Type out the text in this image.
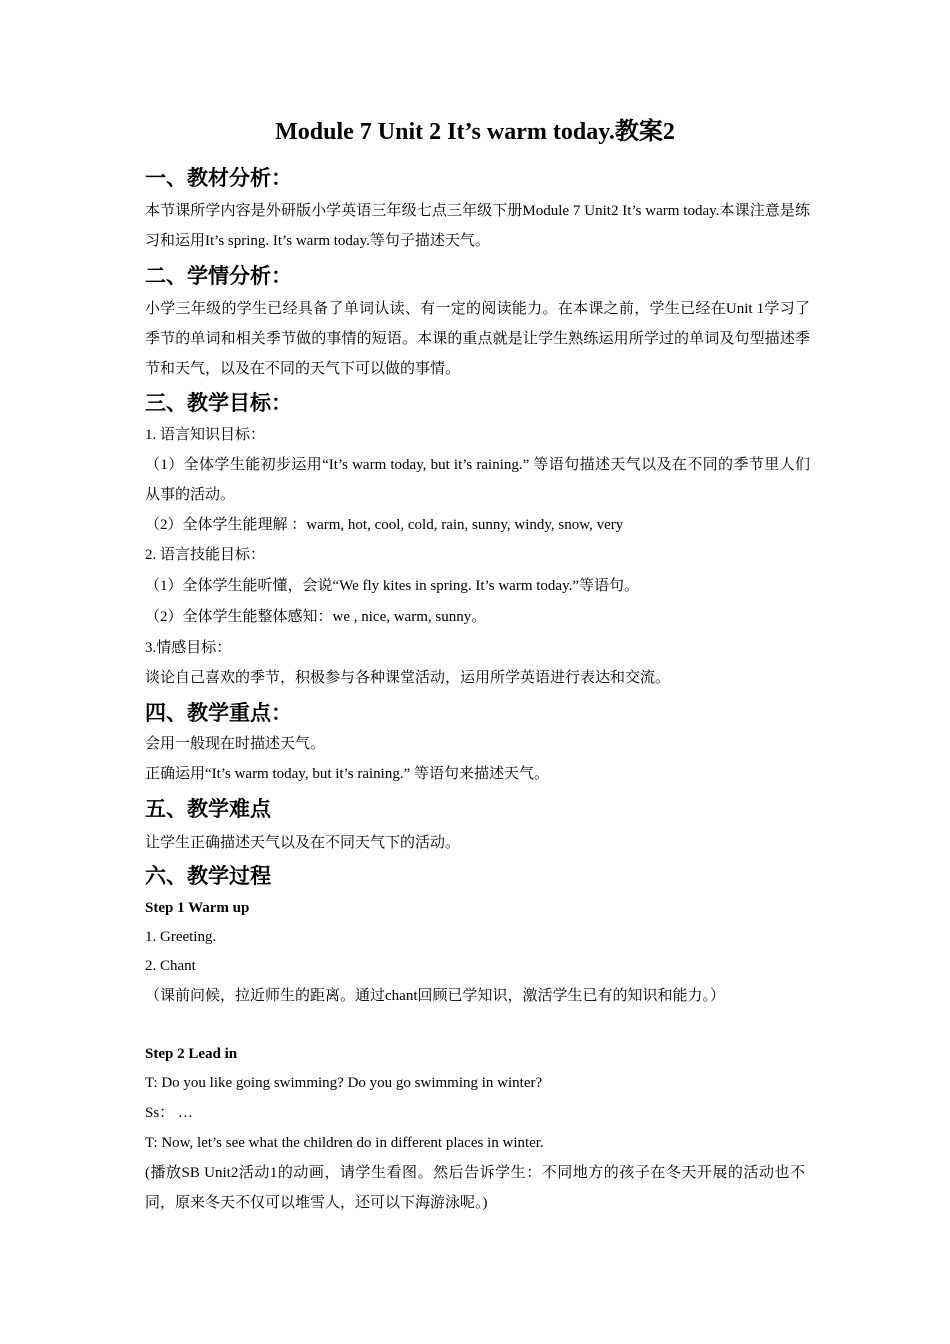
Module 7 Unit 2 It’s warm today.教案2
一、教材分析：
本节课所学内容是外研版小学英语三年级七点三年级下册Module 7 Unit2 It’s warm today.本课注意是练习和运用It’s spring. It’s warm today.等句子描述天气。
二、学情分析：
小学三年级的学生已经具备了单词认读、有一定的阅读能力。在本课之前，学生已经在Unit 1学习了季节的单词和相关季节做的事情的短语。本课的重点就是让学生熟练运用所学过的单词及句型描述季节和天气，以及在不同的天气下可以做的事情。
三、教学目标：
1. 语言知识目标：
（1）全体学生能初步运用“It’s warm today, but it’s raining.” 等语句描述天气以及在不同的季节里人们从事的活动。
（2）全体学生能理解 ：warm, hot, cool, cold, rain, sunny, windy, snow, very
2. 语言技能目标：
（1）全体学生能听懂，会说“We fly kites in spring. It’s warm today.”等语句。
（2）全体学生能整体感知：we , nice, warm, sunny。
3.情感目标：
谈论自己喜欢的季节，积极参与各种课堂活动，运用所学英语进行表达和交流。
四、教学重点：
会用一般现在时描述天气。
正确运用“It’s warm today, but it’s raining.” 等语句来描述天气。
五、教学难点
让学生正确描述天气以及在不同天气下的活动。
六、教学过程
Step 1 Warm up
1. Greeting.
2. Chant
（课前问候，拉近师生的距离。通过chant回顾已学知识，激活学生已有的知识和能力。）
Step 2 Lead in
T: Do you like going swimming? Do you go swimming in winter?
Ss： …
T: Now, let’s see what the children do in different places in winter.
(播放SB Unit2活动1的动画，请学生看图。然后告诉学生：不同地方的孩子在冬天开展的活动也不同，原来冬天不仅可以堆雪人，还可以下海游泳呢。)
